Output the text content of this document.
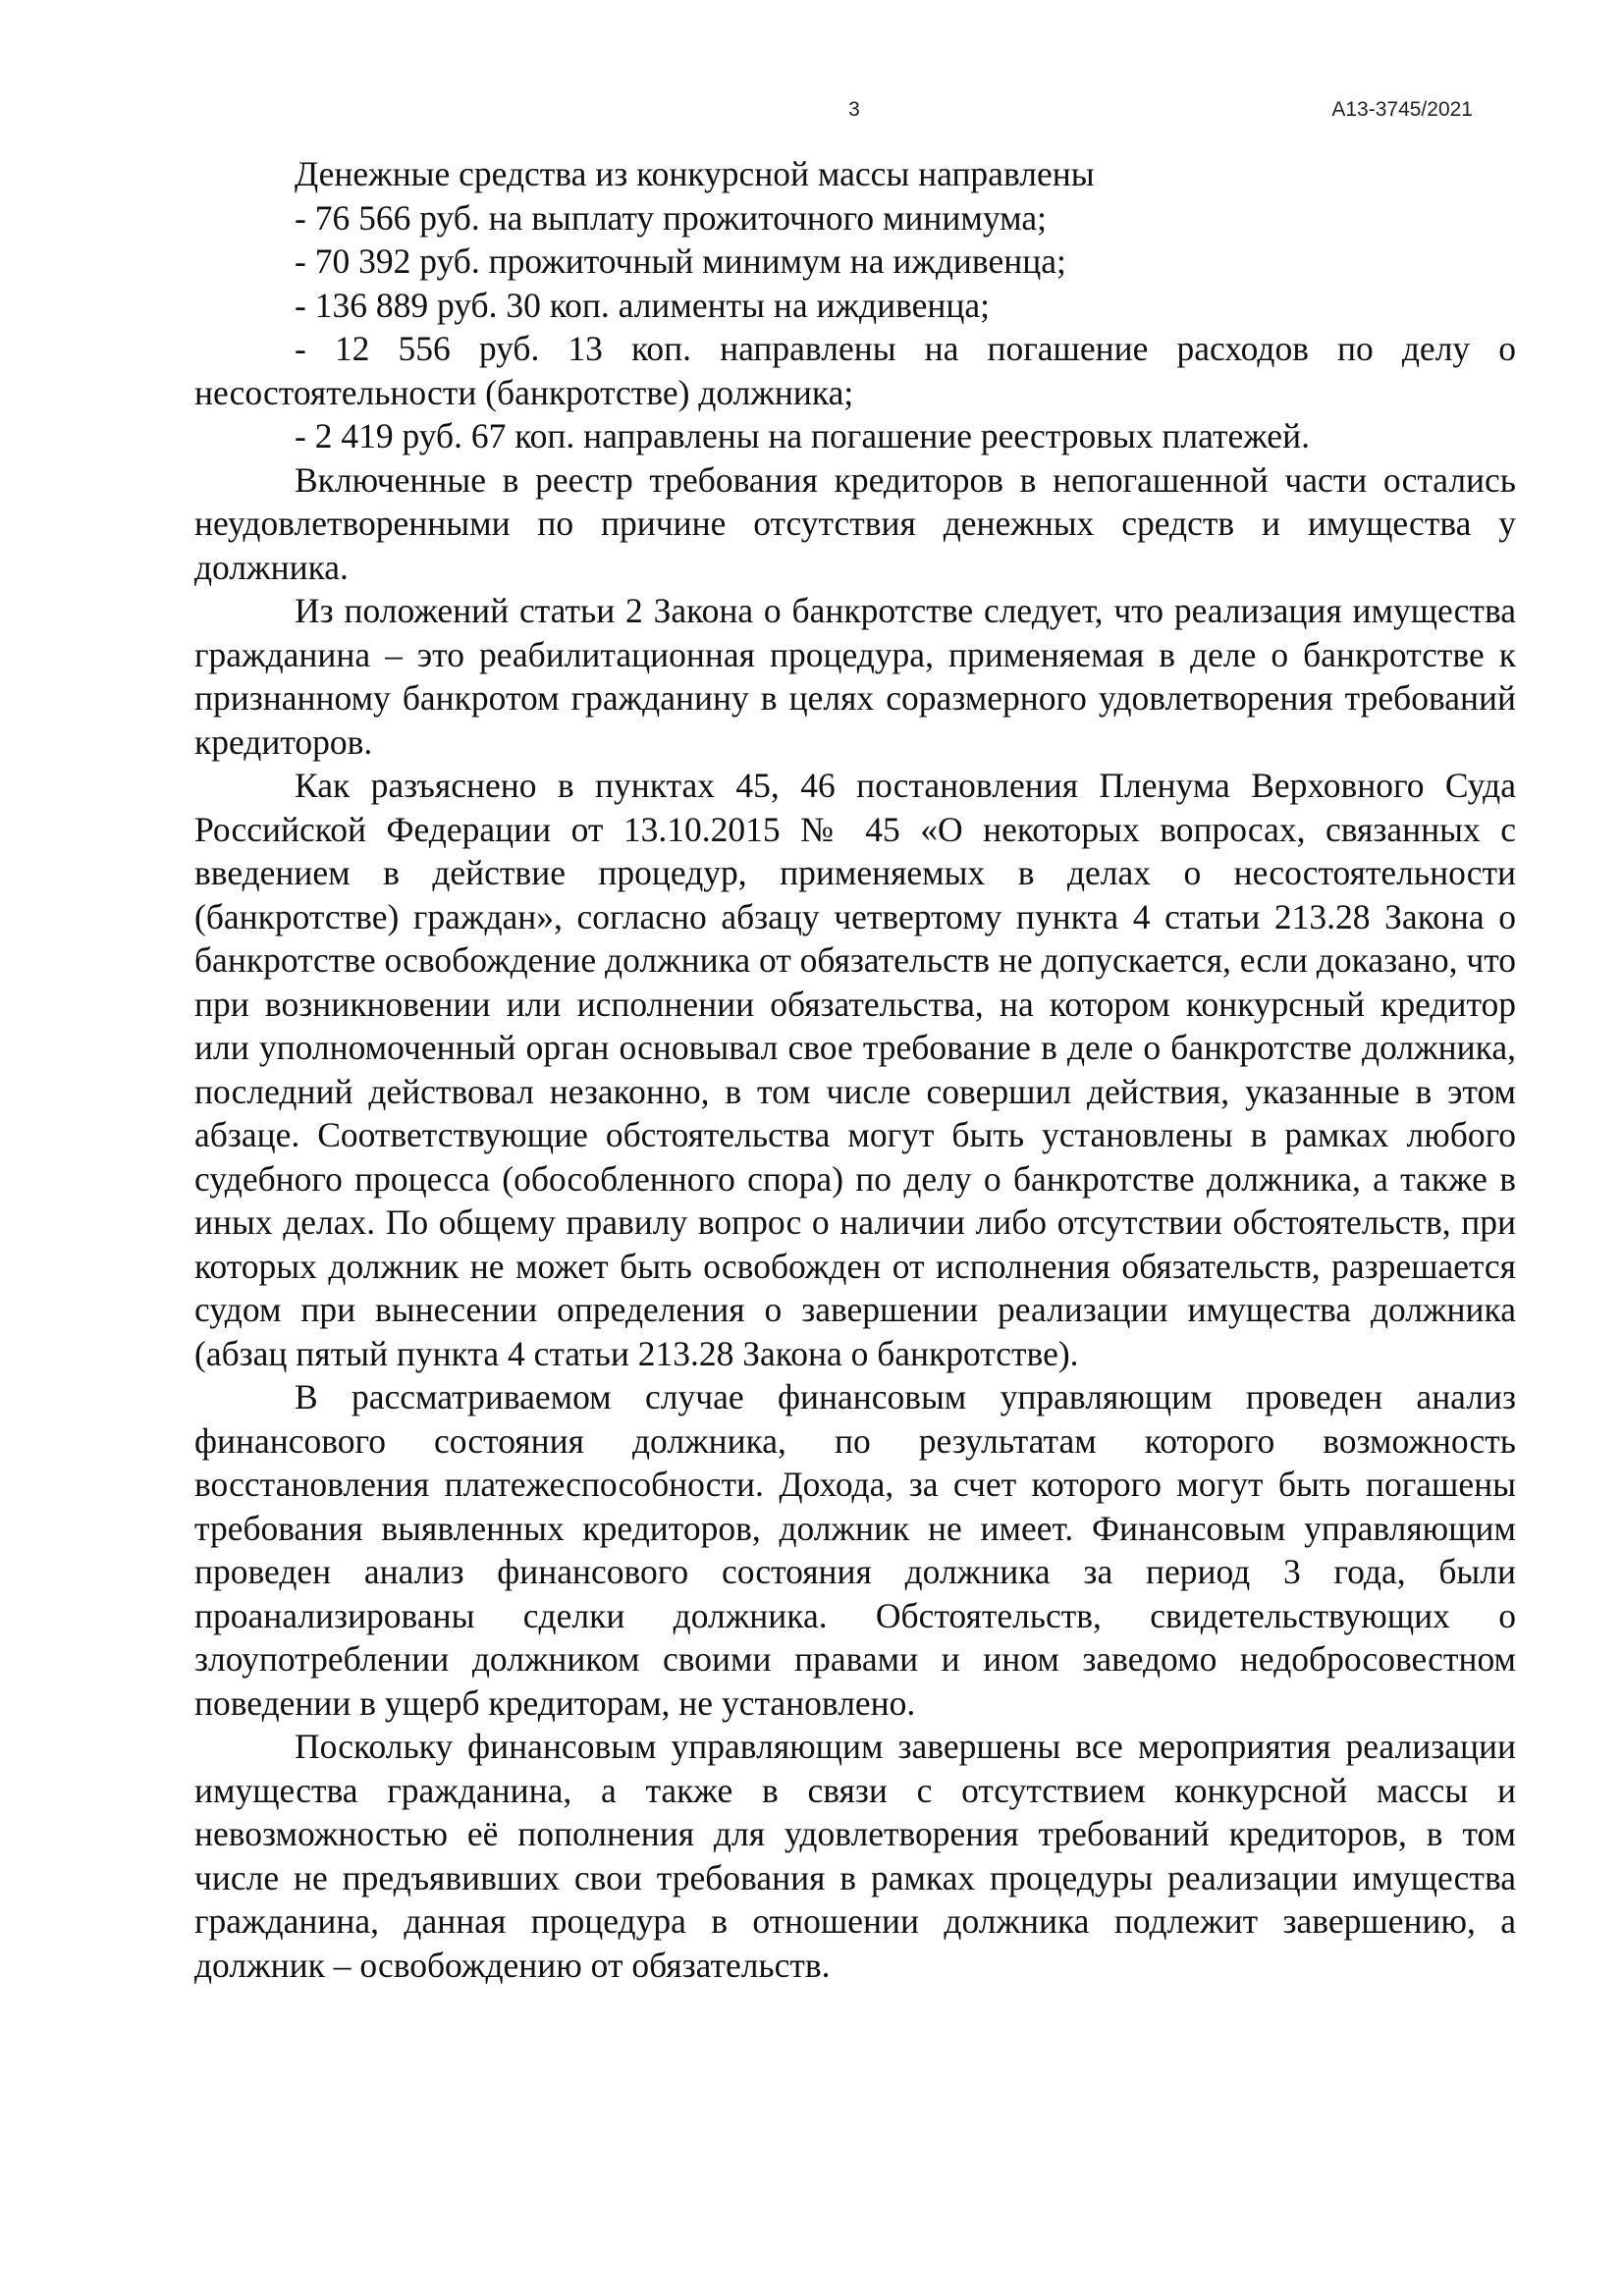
3	А13-3745/2021

Денежные средства из конкурсной массы направлены

- 76 566 руб. на выплату прожиточного минимума;

- 70 392 руб. прожиточный минимум на иждивенца;

- 136 889 руб. 30 коп. алименты на иждивенца;

- 12 556 руб. 13 коп. направлены на погашение расходов по делу о несостоятельности (банкротстве) должника;

- 2 419 руб. 67 коп. направлены на погашение реестровых платежей.

Включенные в реестр требования кредиторов в непогашенной части остались неудовлетворенными по причине отсутствия денежных средств и имущества у должника.

Из положений статьи 2 Закона о банкротстве следует, что реализация имущества гражданина – это реабилитационная процедура, применяемая в деле о банкротстве к признанному банкротом гражданину в целях соразмерного удовлетворения требований кредиторов.

Как разъяснено в пунктах 45, 46 постановления Пленума Верховного Суда Российской Федерации от 13.10.2015 № 45 «О некоторых вопросах, связанных с введением в действие процедур, применяемых в делах о несостоятельности (банкротстве) граждан», согласно абзацу четвертому пункта 4 статьи 213.28 Закона о банкротстве освобождение должника от обязательств не допускается, если доказано, что при возникновении или исполнении обязательства, на котором конкурсный кредитор или уполномоченный орган основывал свое требование в деле о банкротстве должника, последний действовал незаконно, в том числе совершил действия, указанные в этом абзаце. Соответствующие обстоятельства могут быть установлены в рамках любого судебного процесса (обособленного спора) по делу о банкротстве должника, а также в иных делах. По общему правилу вопрос о наличии либо отсутствии обстоятельств, при которых должник не может быть освобожден от исполнения обязательств, разрешается судом при вынесении определения о завершении реализации имущества должника (абзац пятый пункта 4 статьи 213.28 Закона о банкротстве).

В рассматриваемом случае финансовым управляющим проведен анализ финансового состояния должника, по результатам которого возможность восстановления платежеспособности. Дохода, за счет которого могут быть погашены требования выявленных кредиторов, должник не имеет. Финансовым управляющим проведен анализ финансового состояния должника за период 3 года, были проанализированы сделки должника. Обстоятельств, свидетельствующих о злоупотреблении должником своими правами и ином заведомо недобросовестном поведении в ущерб кредиторам, не установлено.

Поскольку финансовым управляющим завершены все мероприятия реализации имущества гражданина, а также в связи с отсутствием конкурсной массы и невозможностью её пополнения для удовлетворения требований кредиторов, в том числе не предъявивших свои требования в рамках процедуры реализации имущества гражданина, данная процедура в отношении должника подлежит завершению, а должник – освобождению от обязательств.
